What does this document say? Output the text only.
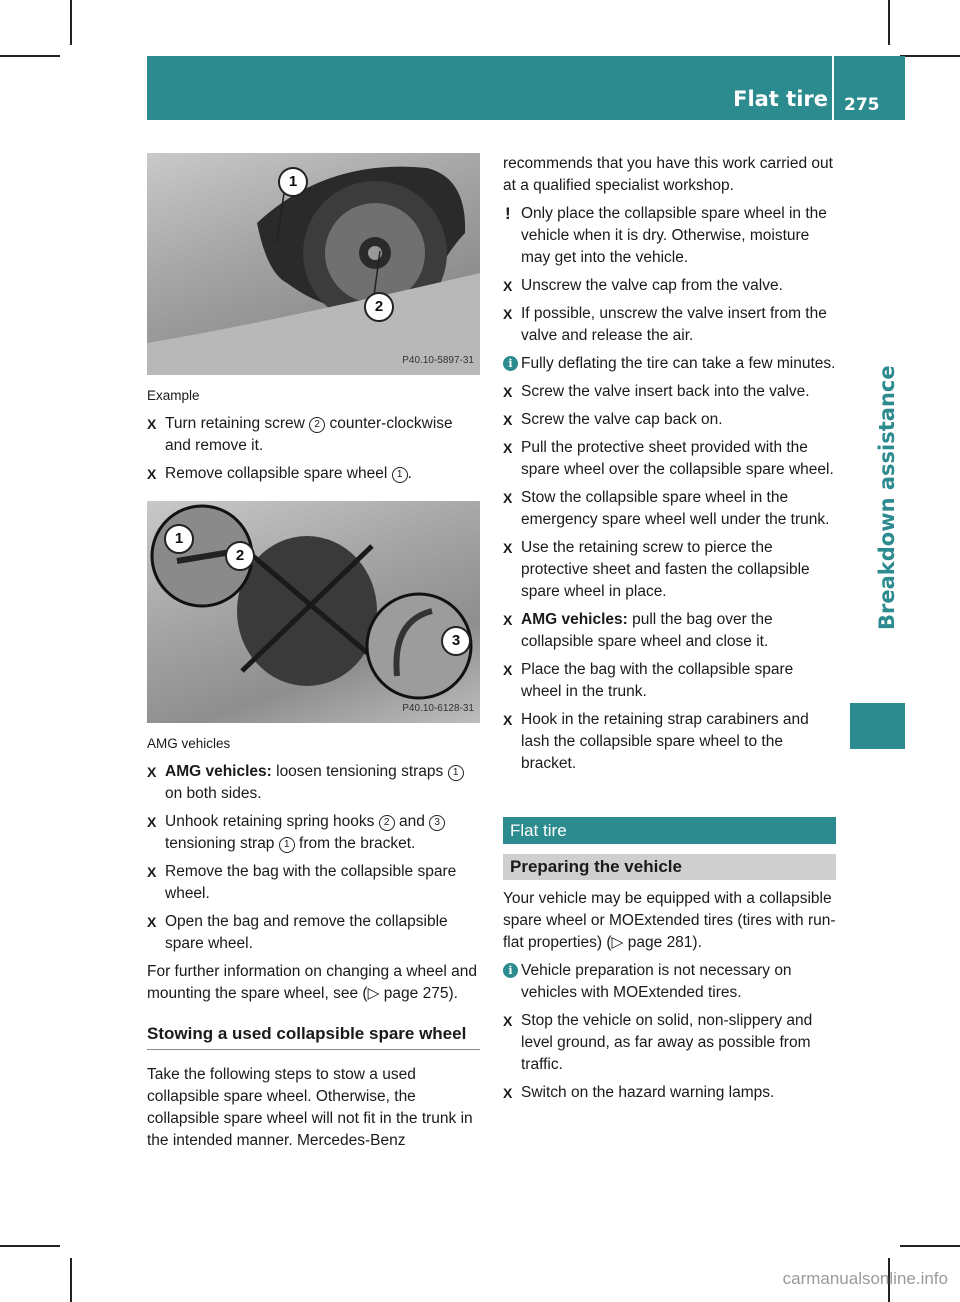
Flat tire 275
Breakdown assistance
1
2
P40.10-5897-31
Example
X Turn retaining screw 2 counter-clockwise and remove it.
X Remove collapsible spare wheel 1 .
1
2
3
P40.10-6128-31
AMG vehicles
X AMG vehicles: loosen tensioning straps 1 on both sides.
X Unhook retaining spring hooks 2 and 3 tensioning strap 1 from the bracket.
X Remove the bag with the collapsible spare wheel.
X Open the bag and remove the collapsible spare wheel.

For further information on changing a wheel and mounting the spare wheel, see (▷ page 275).

Stowing a used collapsible spare wheel

Take the following steps to stow a used collapsible spare wheel. Otherwise, the collapsible spare wheel will not fit in the trunk in the intended manner. Mercedes-Benz

recommends that you have this work carried out at a qualified specialist workshop.

! Only place the collapsible spare wheel in the vehicle when it is dry. Otherwise, moisture may get into the vehicle.
X Unscrew the valve cap from the valve.
X If possible, unscrew the valve insert from the valve and release the air.
i Fully deflating the tire can take a few minutes.
X Screw the valve insert back into the valve.
X Screw the valve cap back on.
X Pull the protective sheet provided with the spare wheel over the collapsible spare wheel.
X Stow the collapsible spare wheel in the emergency spare wheel well under the trunk.
X Use the retaining screw to pierce the protective sheet and fasten the collapsible spare wheel in place.
X AMG vehicles: pull the bag over the collapsible spare wheel and close it.
X Place the bag with the collapsible spare wheel in the trunk.
X Hook in the retaining strap carabiners and lash the collapsible spare wheel to the bracket.
Flat tire
Preparing the vehicle

Your vehicle may be equipped with a collapsible spare wheel or MOExtended tires (tires with run-flat properties) (▷ page 281).

i Vehicle preparation is not necessary on vehicles with MOExtended tires.
X Stop the vehicle on solid, non-slippery and level ground, as far away as possible from traffic.
X Switch on the hazard warning lamps.
carmanualsonline.info
